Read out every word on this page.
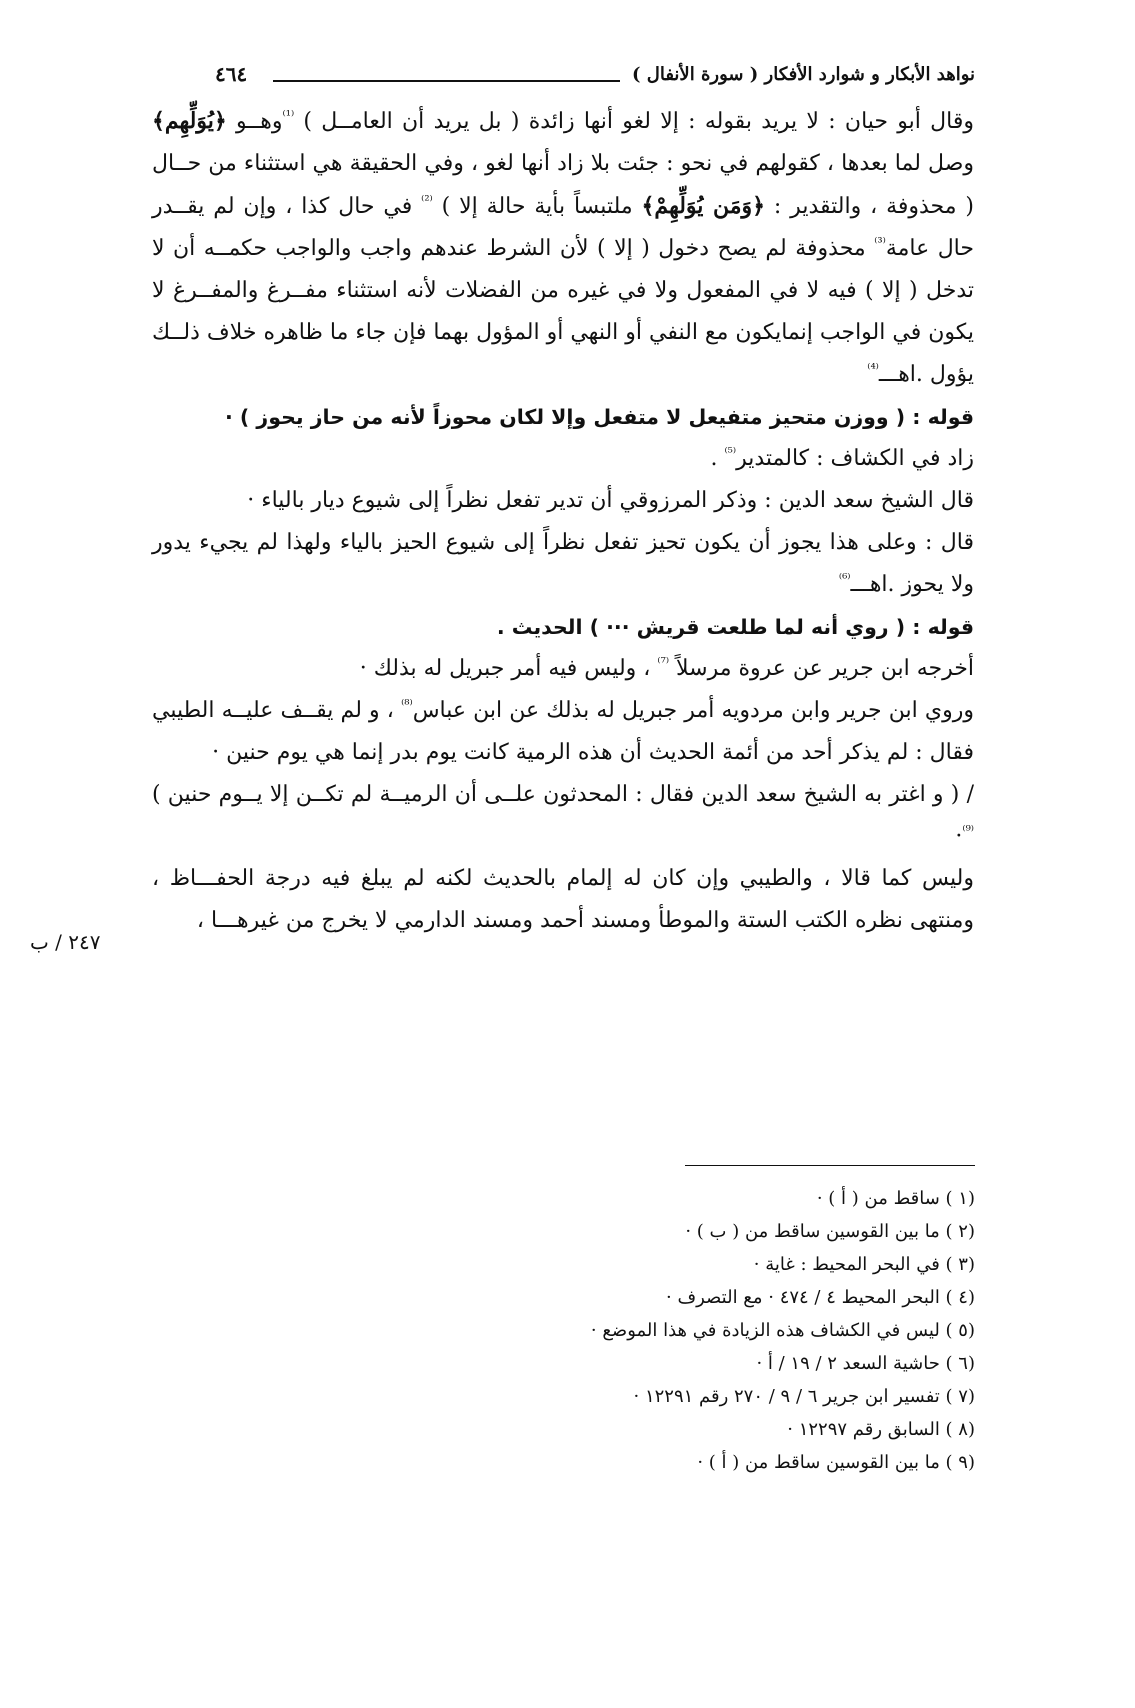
نواهد الأبكار و شوارد الأفكار ( سورة الأنفال )
٤٦٤

وقال أبو حيان : لا يريد بقوله : إلا لغو أنها زائدة ( بل يريد أن العامــل ) $^{^{(1)}}$وهــو ﴿يُوَلِّهِم﴾ وصل لما بعدها ، كقولهم في نحو : جئت بلا زاد أنها لغو ، وفي الحقيقة هي استثناء من حــال ( محذوفة ، والتقدير : ﴿وَمَن يُوَلِّهِمْ﴾ ملتبساً بأية حالة إلا ) $^{^{(2)}}$ في حال كذا ، وإن لم يقــدر حال عامة$^{^{(3)}}$ محذوفة لم يصح دخول ( إلا ) لأن الشرط عندهم واجب والواجب حكمــه أن لا تدخل ( إلا ) فيه لا في المفعول ولا في غيره من الفضلات لأنه استثناء مفــرغ والمفــرغ لا يكون في الواجب إنمايكون مع النفي أو النهي أو المؤول بهما فإن جاء ما ظاهره خلاف ذلــك يؤول .اهـــ$^{^{(4)}}$

قوله : ( ووزن متحيز متفيعل لا متفعل وإلا لكان محوزاً لأنه من حاز يحوز ) ·

زاد في الكشاف : كالمتدير$^{^{(5)}}$ .

قال الشيخ سعد الدين : وذكر المرزوقي أن تدير تفعل نظراً إلى شيوع ديار بالياء ·

قال : وعلى هذا يجوز أن يكون تحيز تفعل نظراً إلى شيوع الحيز بالياء ولهذا لم يجيء يدور ولا يحوز .اهـــ$^{^{(6)}}$

قوله : ( روي أنه لما طلعت قريش ··· ) الحديث .

أخرجه ابن جرير عن عروة مرسلاً $^{^{(7)}}$ ، وليس فيه أمر جبريل له بذلك ·

وروي ابن جرير وابن مردويه أمر جبريل له بذلك عن ابن عباس$^{^{(8)}}$ ، و لم يقــف عليــه الطيبي فقال : لم يذكر أحد من أئمة الحديث أن هذه الرمية كانت يوم بدر إنما هي يوم حنين ·

/ ( و اغتر به الشيخ سعد الدين فقال : المحدثون علــى أن الرميــة لم تكــن إلا يــوم حنين ) $^{^{(9)}}$·

وليس كما قالا ، والطيبي وإن كان له إلمام بالحديث لكنه لم يبلغ فيه درجة الحفـــاظ ، ومنتهى نظره الكتب الستة والموطأ ومسند أحمد ومسند الدارمي لا يخرج من غيرهـــا ،

٢٤٧ / ب

(١ ) ساقط من ( أ ) ·

(٢ ) ما بين القوسين ساقط من ( ب ) ·

(٣ ) في البحر المحيط : غاية ·

(٤ ) البحر المحيط ٤ / ٤٧٤ · مع التصرف ·

(٥ ) ليس في الكشاف هذه الزيادة في هذا الموضع ·

(٦ ) حاشية السعد ٢ / ١٩ / أ ·

(٧ ) تفسير ابن جرير ٦ / ٩ / ٢٧٠ رقم ١٢٢٩١ ·

(٨ ) السابق رقم ١٢٢٩٧ ·

(٩ ) ما بين القوسين ساقط من ( أ ) ·
